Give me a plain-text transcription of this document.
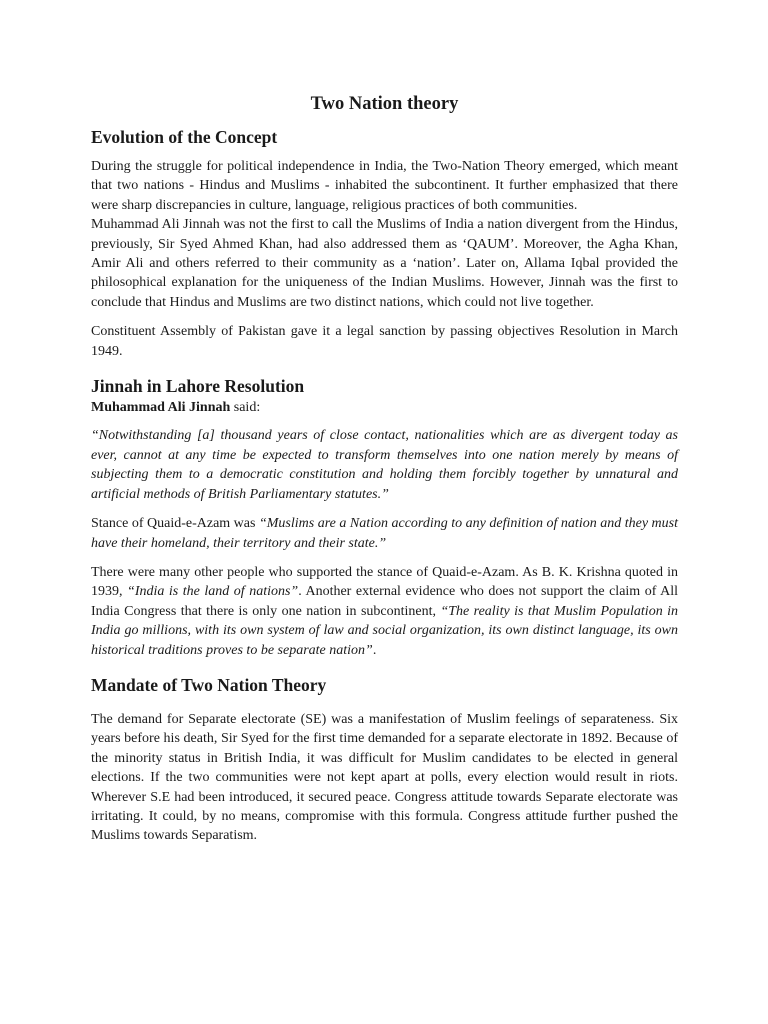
Two Nation theory
Evolution of the Concept

During the struggle for political independence in India, the Two-Nation Theory emerged, which meant that two nations - Hindus and Muslims - inhabited the subcontinent. It further emphasized that there were sharp discrepancies in culture, language, religious practices of both communities.

Muhammad Ali Jinnah was not the first to call the Muslims of India a nation divergent from the Hindus, previously, Sir Syed Ahmed Khan, had also addressed them as ‘QAUM’. Moreover, the Agha Khan, Amir Ali and others referred to their community as a ‘nation’. Later on, Allama Iqbal provided the philosophical explanation for the uniqueness of the Indian Muslims. However, Jinnah was the first to conclude that Hindus and Muslims are two distinct nations, which could not live together.

Constituent Assembly of Pakistan gave it a legal sanction by passing objectives Resolution in March 1949.

Jinnah in Lahore Resolution
Muhammad Ali Jinnah said:

“Notwithstanding [a] thousand years of close contact, nationalities which are as divergent today as ever, cannot at any time be expected to transform themselves into one nation merely by means of subjecting them to a democratic constitution and holding them forcibly together by unnatural and artificial methods of British Parliamentary statutes.”

Stance of Quaid-e-Azam was “Muslims are a Nation according to any definition of nation and they must have their homeland, their territory and their state.”

There were many other people who supported the stance of Quaid-e-Azam. As B. K. Krishna quoted in 1939, “India is the land of nations”. Another external evidence who does not support the claim of All India Congress that there is only one nation in subcontinent, “The reality is that Muslim Population in India go millions, with its own system of law and social organization, its own distinct language, its own historical traditions proves to be separate nation”.

Mandate of Two Nation Theory

The demand for Separate electorate (SE) was a manifestation of Muslim feelings of separateness. Six years before his death, Sir Syed for the first time demanded for a separate electorate in 1892. Because of the minority status in British India, it was difficult for Muslim candidates to be elected in general elections. If the two communities were not kept apart at polls, every election would result in riots. Wherever S.E had been introduced, it secured peace. Congress attitude towards Separate electorate was irritating. It could, by no means, compromise with this formula. Congress attitude further pushed the Muslims towards Separatism.
